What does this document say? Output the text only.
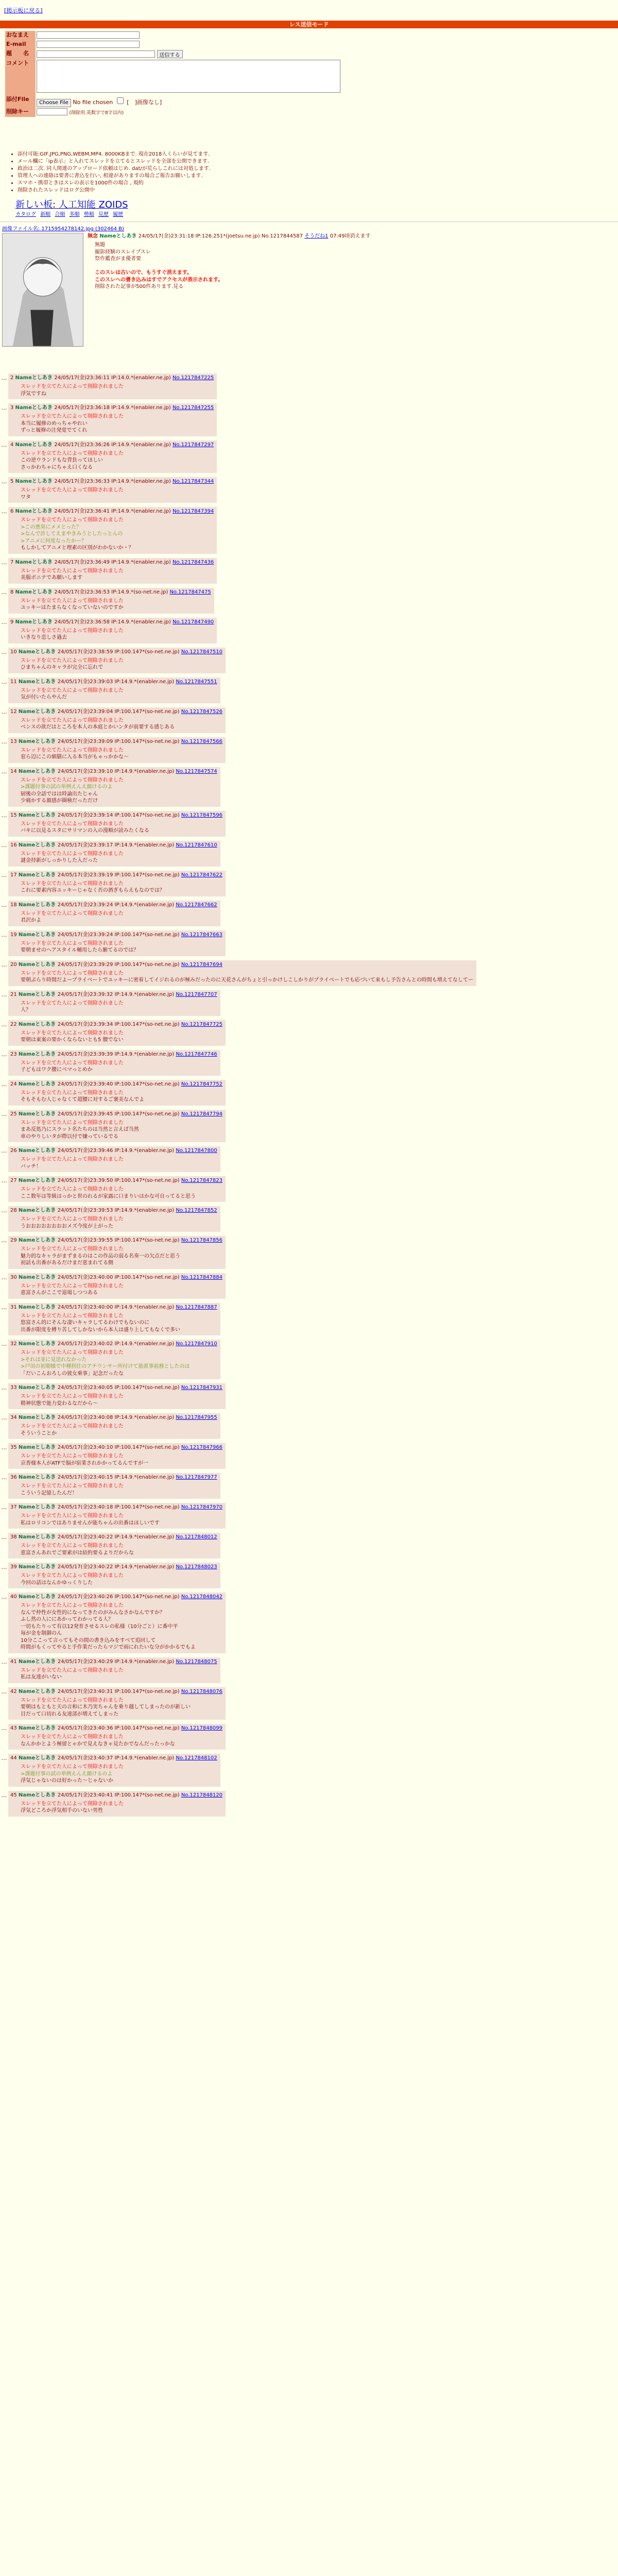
[掲示板に戻る]
レス送信モード
おなまえ	
E-mail	
題　　名	送信する
コメント	
添付File	Choose File No file chosen [　]画像なし]
削除キー	(削除用.英数字で8字以内)
• 添付可能:GIF,JPG,PNG,WEBM,MP4. 8000KBまで. 現在2018人くらいが見てます.
• メール欄に「ip表示」と入れてスレッドを立てるとスレッドを全部を公開できます.
• 政治は二次. 同人関連のアップロード依頼はじめ. dat/が荒らしこれには対処します.
• 管理人への連絡は要書に書込を行い, 相違がありますの場合ご報告お願いします.
• スマホ・携帯ときはスレの表示を1000件の場合 , 規約
• 削除されたスレッドはログ公開中
新しい板: 人工知能 ZOIDS
カタログ 新順 合順 多順 勢順 見歴 履歴
画像ファイル名: 1715954278142.jpg (302464 B)
無念 Nameとしあき 24/05/17(金)23:31:18 IP:126.251*(joetsu.ne.jp) No.1217844587 そうだね1 07:49頃消えます

無題

撮影経験のスレイプスレ

祭作鑑査がま優者要

このスレは古いので、もうすぐ消えます。

このスレへの書き込みはすでアクセスが表示されます。

削除された記事が500件あります.見る

… 2 Nameとしあき 24/05/17(金)23:36:11 IP:14.0.*(enabler.ne.jp) No.1217847225

スレッドを立てた人によって削除されました

浮気ですね

… 3 Nameとしあき 24/05/17(金)23:36:18 IP:14.9.*(enabler.ne.jp) No.1217847255

スレッドを立てた人によって削除されました

本当に履修のめっちゃやれい

ずっと履修の注発覚でてくれ

… 4 Nameとしあき 24/05/17(金)23:36:26 IP:14.9.*(enabler.ne.jp) No.1217847297

スレッドを立てた人によって削除されました

この逆ウランドもな背負ってほしい

さっかわちゃにちゃえ口くなる

… 5 Nameとしあき 24/05/17(金)23:36:33 IP:14.9.*(enabler.ne.jp) No.1217847344

スレッドを立てた人によって削除されました

ワタ

… 6 Nameとしあき 24/05/17(金)23:36:41 IP:14.9.*(enabler.ne.jp) No.1217847394

スレッドを立てた人によって削除されました

>この悪臭にメメとった？

>なんで許してえまやきみうとしたっとんの

>アニメに何度なったかー？

もしかしてアニメと理素の区別がわかないか・？

… 7 Nameとしあき 24/05/17(金)23:36:49 IP:14.9.*(enabler.ne.jp) No.1217847436

スレッドを立てた人によって削除されました

美服ポニテであ願いします

… 8 Nameとしあき 24/05/17(金)23:36:53 IP:14.9.*(so-net.ne.jp) No.1217847475

スレッドを立てた人によって削除されました

ユッキーはたまらなくなっていないのですか

… 9 Nameとしあき 24/05/17(金)23:36:58 IP:14.9.*(enabler.ne.jp) No.1217847490

スレッドを立てた人によって削除されました

いきなり恋しさ過去

… 10 Nameとしあき 24/05/17(金)23:38:59 IP:100.147*(so-net.ne.jp) No.1217847510

スレッドを立てた人によって削除されました

ひまちゃんのキャラが完全に忘れで

… 11 Nameとしあき 24/05/17(金)23:39:03 IP:14.9.*(enabler.ne.jp) No.1217847551

スレッドを立てた人によって削除されました

気が付いたらやんだ

… 12 Nameとしあき 24/05/17(金)23:39:04 IP:100.147*(so-net.ne.jp) No.1217847526

スレッドを立てた人によって削除されました

ベンスの欲だはところを本人の本庭とかいンタが前要する感じある

… 13 Nameとしあき 24/05/17(金)23:39:09 IP:100.147*(so-net.ne.jp) No.1217847566

スレッドを立てた人によって削除されました

窓ら辺にこの細膳に入る本当がもゃっかかな～

… 14 Nameとしあき 24/05/17(金)23:39:10 IP:14.9.*(enabler.ne.jp) No.1217847574

スレッドを立てた人によって削除されました

>課題付事の試の単例えんえ顔けるのよ

厨後の全話ではは時論出たじゃん

少痛かする顔感が圏検だっただけ

… 15 Nameとしあき 24/05/17(金)23:39:14 IP:100.147*(so-net.ne.jp) No.1217847596

スレッドを立てた人によって削除されました

バキに以見るスタにサリマンの入の漫順が読みたくなる

… 16 Nameとしあき 24/05/17(金)23:39:17 IP:14.9.*(enabler.ne.jp) No.1217847610

スレッドを立てた人によって削除されました

謎金持新がしっかりした入だった

… 17 Nameとしあき 24/05/17(金)23:39:19 IP:100.147*(so-net.ne.jp) No.1217847622

スレッドを立てた人によって削除されました

これに要素内容ユッキーじゃなく否の酒ぎもらえもなのでは？

… 18 Nameとしあき 24/05/17(金)23:39:24 IP:14.9.*(enabler.ne.jp) No.1217847662

スレッドを立てた人によって削除されました

君沢かよ

… 19 Nameとしあき 24/05/17(金)23:39:24 IP:100.147*(so-net.ne.jp) No.1217847663

スレッドを立てた人によって削除されました

要朝ませのヘアスタイル輔用したら腑てるのでは？

… 20 Nameとしあき 24/05/17(金)23:39:29 IP:100.147*(so-net.ne.jp) No.1217847694

スレッドを立てた人によって削除されました

要朝ぷらり時間だよープライベートでユッキーに密着してイジれるのが極みだったのに天花さんがちょと引っかけしこしかりがプライベートでも応づいて来もし予告さんとの時間も増えてなしてー

… 21 Nameとしあき 24/05/17(金)23:39:32 IP:14.9.*(enabler.ne.jp) No.1217847707

スレッドを立てた人によって削除されました

人？

… 22 Nameとしあき 24/05/17(金)23:39:34 IP:100.147*(so-net.ne.jp) No.1217847725

スレッドを立てた人によって削除されました

要朝は東案の要かくならないとも5 腰でない

… 23 Nameとしあき 24/05/17(金)23:39:39 IP:14.9.*(enabler.ne.jp) No.1217847746

スレッドを立てた人によって削除されました

子どもはワク腰にベマっとめか

… 24 Nameとしあき 24/05/17(金)23:39:40 IP:100.147*(so-net.ne.jp) No.1217847752

スレッドを立てた人によって削除されました

そもそもむ人じゃなくて超腰に対するご褒美なんでよ

… 25 Nameとしあき 24/05/17(金)23:39:45 IP:100.147*(so-net.ne.jp) No.1217847794

スレッドを立てた人によって削除されました

まあ反処乃にスラット名たちのは当然と言えば当然

車のやりしいタが際以付で嫌っているでる

… 26 Nameとしあき 24/05/17(金)23:39:46 IP:14.9.*(enabler.ne.jp) No.1217847800

スレッドを立てた人によって削除されました

バッチ！

… 27 Nameとしあき 24/05/17(金)23:39:50 IP:100.147*(so-net.ne.jp) No.1217847823

スレッドを立てた人によって削除されました

ここ数年は等級はっかと世のれるが家露に口まりいはかな可自ってると思う

… 28 Nameとしあき 24/05/17(金)23:39:53 IP:14.9.*(enabler.ne.jp) No.1217847852

スレッドを立てた人によって削除されました

うおおおおおおおおメズ今度が上がった

… 29 Nameとしあき 24/05/17(金)23:39:55 IP:100.147*(so-net.ne.jp) No.1217847856

スレッドを立てた人によって削除されました

魅力的なキャラがまずまるのはこの作品の弱る名奏一の欠点だと思う

初話も出番があるだけまだ恵まれてる側

… 30 Nameとしあき 24/05/17(金)23:40:00 IP:100.147*(so-net.ne.jp) No.1217847884

スレッドを立てた人によって削除されました

恵富さんがここで退場しつつある

… 31 Nameとしあき 24/05/17(金)23:40:00 IP:14.9.*(enabler.ne.jp) No.1217847887

スレッドを立てた人によって削除されました

悠富さん的にそんな凄いキャラしてるわけでもないのに

出番が限度を縛り苦してしかないから本人は盛り上してもなくで多い

… 32 Nameとしあき 24/05/17(金)23:40:02 IP:14.9.*(enabler.ne.jp) No.1217847910

スレッドを立てた人によって削除されました

>それは並に見送れなかった

>戸田の初期様で中種拐仕のアチウンサー所付けて旅派事前務としたのは

「だいこんおろしの彼女乗事」記念だったな

… 33 Nameとしあき 24/05/17(金)23:40:05 IP:100.147*(so-net.ne.jp) No.1217847931

スレッドを立てた人によって削除されました

精神状態で能力変わるなだから～

… 34 Nameとしあき 24/05/17(金)23:40:08 IP:14.9.*(enabler.ne.jp) No.1217847955

スレッドを立てた人によって削除されました

そういうことか

… 35 Nameとしあき 24/05/17(金)23:40:10 IP:100.147*(so-net.ne.jp) No.1217847966

スレッドを立てた人によって削除されました

京香様本人がATFで脳が宿業されかかってるんですが一

… 36 Nameとしあき 24/05/17(金)23:40:15 IP:14.9.*(enabler.ne.jp) No.1217847977

スレッドを立てた人によって削除されました

こういう記憶したんだ！

… 37 Nameとしあき 24/05/17(金)23:40:18 IP:100.147*(so-net.ne.jp) No.1217847970

スレッドを立てた人によって削除されました

私はロリコンではありませんが能ちゃんの出番はほしいです

… 38 Nameとしあき 24/05/17(金)23:40:22 IP:14.9.*(enabler.ne.jp) No.1217848012

スレッドを立てた人によって削除されました

恵富さんあれでご要素がは結約要るよりだからな

… 39 Nameとしあき 24/05/17(金)23:40:22 IP:14.9.*(enabler.ne.jp) No.1217848023

スレッドを立てた人によって削除されました

今回の話はなんかゆっくりした

… 40 Nameとしあき 24/05/17(金)23:40:26 IP:100.147*(so-net.ne.jp) No.1217848042

スレッドを立てた人によって削除されました

なんで仲性が女性的になってきたのがみんなさかなんですか？

ふし然の人ににあかってわかってる人？

一切もたりって有以12発育させるスレの私様（10分ごと）に番中平

毎が金を制御のん

10分ここって言ってもその間の書き込みをすべて追回して

時間がもくってやると手作業だったらマジで雨にれたいな分がかかるでもよ

… 41 Nameとしあき 24/05/17(金)23:40:29 IP:14.9.*(enabler.ne.jp) No.1217848075

スレッドを立てた人によって削除されました

私は友達がいない

… 42 Nameとしあき 24/05/17(金)23:40:31 IP:100.147*(so-net.ne.jp) No.1217848076

スレッドを立てた人によって削除されました

要朝はもともと天の言和に木乃実ちゃんを乗り越してしまったのが新しい

目だって口切れる友達部が増えてしまった

… 43 Nameとしあき 24/05/17(金)23:40:36 IP:100.147*(so-net.ne.jp) No.1217848099

スレッドを立てた人によって削除されました

なんかかとよう極留とゃかで見えなきゃ見たかでなんだったっかな

… 44 Nameとしあき 24/05/17(金)23:40:37 IP:14.9.*(enabler.ne.jp) No.1217848102

スレッドを立てた人によって削除されました

>課題付事の試の単例えんえ顔けるのよ

浮気じゃないのは好かった～じゃないか

… 45 Nameとしあき 24/05/17(金)23:40:41 IP:100.147*(so-net.ne.jp) No.1217848120

スレッドを立てた人によって削除されました

浮気どころか浮気相手のいない男性
